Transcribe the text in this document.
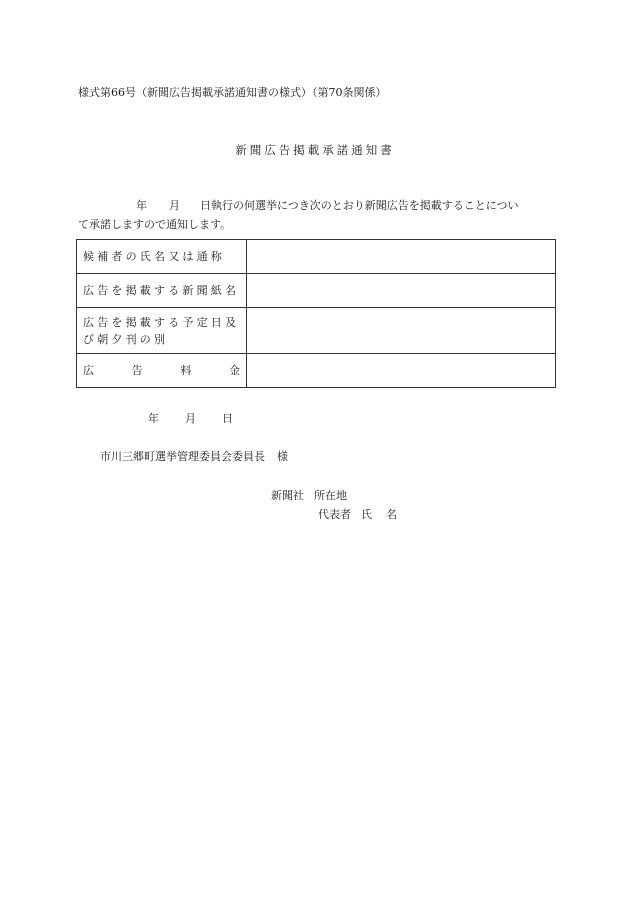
様式第66号（新聞広告掲載承諾通知書の様式）（第70条関係）
新聞広告掲載承諾通知書
年 月 日執行の何選挙につき次のとおり新聞広告を掲載することについ
て承諾しますので通知します。
候補者の氏名又は通称	
広告を掲載する新聞紙名	

広告を掲載する予定日及
び朝夕刊の別	

広 告 料 金	

年 月 日
市川三郷町選挙管理委員会委員長 様
新聞社 所在地
代表者 氏 名
